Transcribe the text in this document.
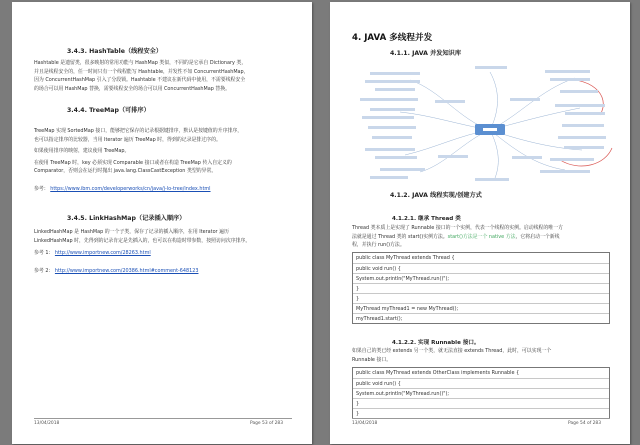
3.4.3. HashTable（线程安全）
Hashtable 是遗留类，很多映射的常用功能与 HashMap 类似，不同的是它承自 Dictionary 类，
并且是线程安全的，任一时间只有一个线程能写 Hashtable，并发性不如 ConcurrentHashMap，
因为 ConcurrentHashMap 引入了分段锁。Hashtable 不建议在新代码中使用，不需要线程安全
的场合可以用 HashMap 替换，需要线程安全的场合可以用 ConcurrentHashMap 替换。
3.4.4. TreeMap（可排序）
TreeMap 实现 SortedMap 接口，能够把它保存的记录根据键排序，默认是按键值的升序排序，
也可以指定排序的比较器，当用 Iterator 遍历 TreeMap 时，得到的记录是排过序的。
如果使用排序的映射，建议使用 TreeMap。
在使用 TreeMap 时，key 必须实现 Comparable 接口或者在构造 TreeMap 传入自定义的
Comparator，否则会在运行时抛出 java.lang.ClassCastException 类型的异常。
参考： https://www.ibm.com/developerworks/cn/java/j-lo-tree/index.html
3.4.5. LinkHashMap（记录插入顺序）
LinkedHashMap 是 HashMap 的一个子类，保存了记录的插入顺序，在用 Iterator 遍历
LinkedHashMap 时，先得到的记录肯定是先插入的，也可以在构造时带参数，按照访问次序排序。
参考 1： http://www.importnew.com/28263.html
参考 2： http://www.importnew.com/20386.html#comment-648123
13/04/2018	Page 53 of 283
4. JAVA 多线程并发
4.1.1. JAVA 并发知识库
4.1.2. JAVA 线程实现/创建方式
4.1.2.1. 继承 Thread 类
Thread 类本质上是实现了 Runnable 接口的一个实例，代表一个线程的实例。启动线程的唯一方
法就是通过 Thread 类的 start()实例方法。start()方法是一个 native 方法，它将启动一个新线
程，并执行 run()方法。
public class MyThread extends Thread {
public void run() {
System.out.println("MyThread.run()");
}
}
MyThread myThread1 = new MyThread();
myThread1.start();
4.1.2.2. 实现 Runnable 接口。
如果自己的类已经 extends 另一个类，就无法直接 extends Thread，此时，可以实现一个
Runnable 接口。
public class MyThread extends OtherClass implements Runnable {
public void run() {
System.out.println("MyThread.run()");
}
}
13/04/2018	Page 54 of 283
